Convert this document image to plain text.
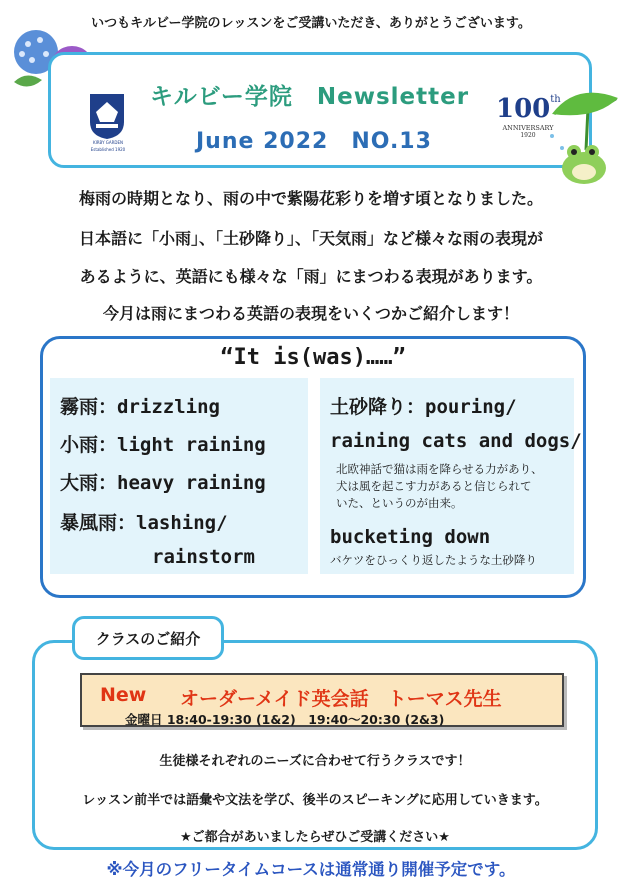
いつもキルビー学院のレッスンをご受講いただき、ありがとうございます。
KIRBY GARDEN
Established 1920
キルビー学院　Newsletter
June 2022　NO.13
100th
ANNIVERSARY
1920
梅雨の時期となり、雨の中で紫陽花彩りを増す頃となりました。
日本語に「小雨」、「土砂降り」、「天気雨」など様々な雨の表現が
あるように、英語にも様々な「雨」にまつわる表現があります。
今月は雨にまつわる英語の表現をいくつかご紹介します！
“It is(was)……”
霧雨：drizzling
小雨：light raining
大雨：heavy raining
暴風雨：lashing/
rainstorm
土砂降り：pouring/
raining cats and dogs/
北欧神話で猫は雨を降らせる力があり、
犬は風を起こす力があると信じられて
いた、というのが由来。
bucketing down
バケツをひっくり返したような土砂降り
クラスのご紹介
New オーダーメイド英会話　トーマス先生
金曜日 18:40-19:30 (1&2)　19:40～20:30 (2&3)
生徒様それぞれのニーズに合わせて行うクラスです！
レッスン前半では語彙や文法を学び、後半のスピーキングに応用していきます。
★ご都合があいましたらぜひご受講ください★
※今月のフリータイムコースは通常通り開催予定です。
